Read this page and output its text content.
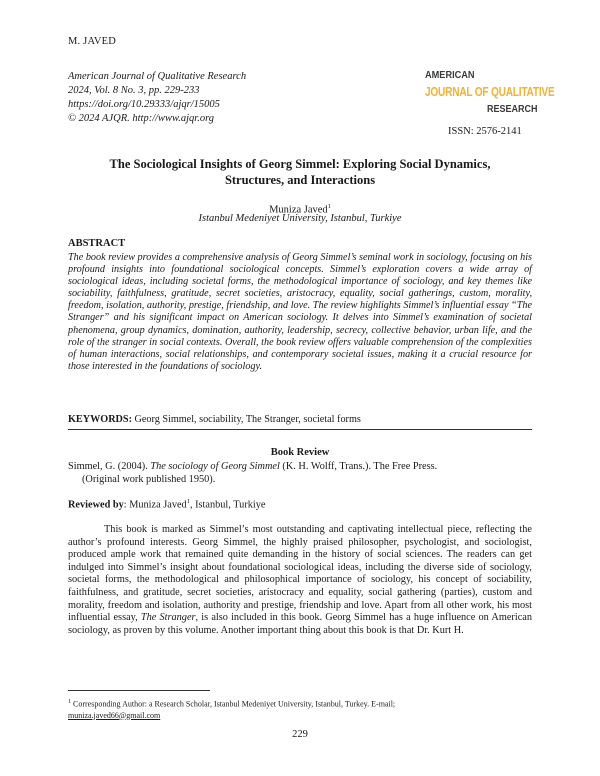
M. JAVED
American Journal of Qualitative Research
2024, Vol. 8 No. 3, pp. 229-233
https://doi.org/10.29333/ajqr/15005
© 2024 AJQR. http://www.ajqr.org
AMERICAN
JOURNAL OF QUALITATIVE
RESEARCH
ISSN: 2576-2141
The Sociological Insights of Georg Simmel: Exploring Social Dynamics,
Structures, and Interactions
Muniza Javed$^1$
Istanbul Medeniyet University, Istanbul, Turkiye
ABSTRACT
The book review provides a comprehensive analysis of Georg Simmel’s seminal work in sociology, focusing on his profound insights into foundational sociological concepts. Simmel’s exploration covers a wide array of sociological ideas, including societal forms, the methodological importance of sociology, and key themes like sociability, faithfulness, gratitude, secret societies, aristocracy, equality, social gatherings, custom, morality, freedom, isolation, authority, prestige, friendship, and love. The review highlights Simmel’s influential essay “The Stranger” and his significant impact on American sociology. It delves into Simmel’s examination of societal phenomena, group dynamics, domination, authority, leadership, secrecy, collective behavior, urban life, and the role of the stranger in social contexts. Overall, the book review offers valuable comprehension of the complexities of human interactions, social relationships, and contemporary societal issues, making it a crucial resource for those interested in the foundations of sociology.
KEYWORDS: Georg Simmel, sociability, The Stranger, societal forms
Book Review
Simmel, G. (2004). The sociology of Georg Simmel (K. H. Wolff, Trans.). The Free Press.
(Original work published 1950).
Reviewed by: Muniza Javed$^1$, Istanbul, Turkiye
This book is marked as Simmel’s most outstanding and captivating intellectual piece, reflecting the author’s profound interests. Georg Simmel, the highly praised philosopher, psychologist, and sociologist, produced ample work that remained quite demanding in the history of social sciences. The readers can get indulged into Simmel’s insight about foundational sociological ideas, including the diverse side of sociology, societal forms, the methodological and philosophical importance of sociology, his concept of sociability, faithfulness, and gratitude, secret societies, aristocracy and equality, social gathering (parties), custom and morality, freedom and isolation, authority and prestige, friendship and love. Apart from all other work, his most influential essay, The Stranger, is also included in this book. Georg Simmel has a huge influence on American sociology, as proven by this volume. Another important thing about this book is that Dr. Kurt H.
$^1$ Corresponding Author: a Research Scholar, Istanbul Medeniyet University, Istanbul, Turkey. E-mail;
muniza.javed66@gmail.com
229
